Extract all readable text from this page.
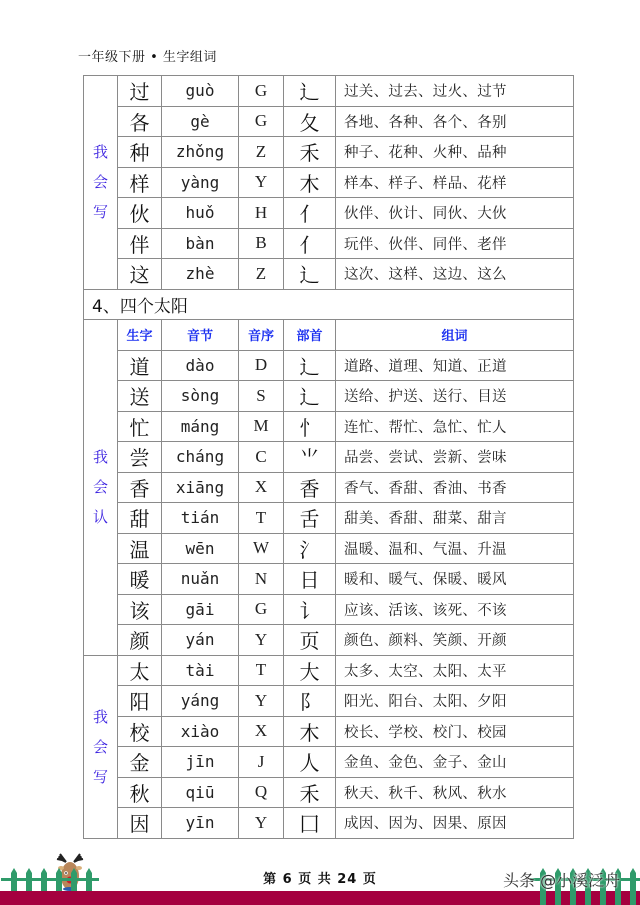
一年级下册 • 生字组词
我
会
写	过	guò	G	辶	过关、过去、过火、过节
	各	gè	G	夂	各地、各种、各个、各别
	种	zhǒng	Z	禾	种子、花种、火种、品种
	样	yàng	Y	木	样本、样子、样品、花样
	伙	huǒ	H	亻	伙伴、伙计、同伙、大伙
	伴	bàn	B	亻	玩伴、伙伴、同伴、老伴
	这	zhè	Z	辶	这次、这样、这边、这么
4、四个太阳					

我
会
认	生字	音节	音序	部首	组词
	道	dào	D	辶	道路、道理、知道、正道
	送	sòng	S	辶	送给、护送、送行、目送
	忙	máng	M	忄	连忙、帮忙、急忙、忙人
	尝	cháng	C	⺌	品尝、尝试、尝新、尝味
	香	xiāng	X	香	香气、香甜、香油、书香
	甜	tián	T	舌	甜美、香甜、甜菜、甜言
	温	wēn	W	氵	温暖、温和、气温、升温
	暖	nuǎn	N	日	暖和、暖气、保暖、暖风
	该	gāi	G	讠	应该、活该、该死、不该
	颜	yán	Y	页	颜色、颜料、笑颜、开颜

我
会
写	太	tài	T	大	太多、太空、太阳、太平
	阳	yáng	Y	阝	阳光、阳台、太阳、夕阳
	校	xiào	X	木	校长、学校、校门、校园
	金	jīn	J	人	金鱼、金色、金子、金山
	秋	qiū	Q	禾	秋天、秋千、秋风、秋水
	因	yīn	Y	囗	成因、因为、因果、原因
第 6 页 共 24 页	头条 @小溪泛舟
